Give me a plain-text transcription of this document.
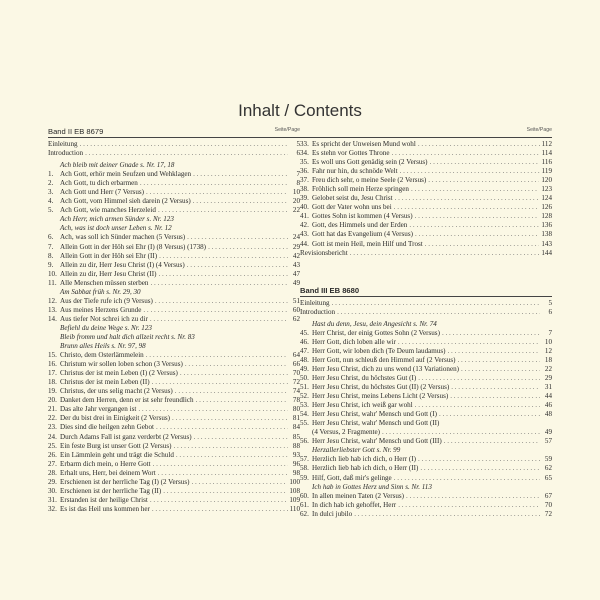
Inhalt / Contents
Band II EB 8679	Seite/Page
Einleitung . . .	5
Introduction . . .	6
Ach bleib mit deiner Gnade s. Nr. 17, 18
1. Ach Gott, erhör mein Seufzen und Wehklagen . . .	7
2. Ach Gott, tu dich erbarmen . . .	8
3. Ach Gott und Herr (7 Versus) . . .	10
4. Ach Gott, vom Himmel sieh darein (2 Versus) . . .	20
5. Ach Gott, wie manches Herzeleid . . .	22
Ach Herr, mich armen Sünder s. Nr. 123
Ach, was ist doch unser Leben s. Nr. 12
6. Ach, was soll ich Sünder machen (5 Versus) . . .	24
7. Allein Gott in der Höh sei Ehr (I) (8 Versus) (1738) . . .	29
8. Allein Gott in der Höh sei Ehr (II) . . .	42
9. Allein zu dir, Herr Jesu Christ (I) (4 Versus) . . .	43
10. Allein zu dir, Herr Jesu Christ (II) . . .	47
11. Alle Menschen müssen sterben . . .	49
Am Sabbat früh s. Nr. 29, 30
12. Aus der Tiefe rufe ich (9 Versus) . . .	51
13. Aus meines Herzens Grunde . . .	60
14. Aus tiefer Not schrei ich zu dir . . .	62
Befiehl du deine Wege s. Nr. 123
Bleib fromm und halt dich allzeit recht s. Nr. 83
Brunn alles Heils s. Nr. 97, 98
15. Christo, dem Osterlämmelein . . .	64
16. Christum wir sollen loben schon (3 Versus) . . .	66
17. Christus der ist mein Leben (I) (2 Versus) . . .	70
18. Christus der ist mein Leben (II) . . .	72
19. Christus, der uns selig macht (2 Versus) . . .	74
20. Danket dem Herren, denn er ist sehr freundlich . . .	78
21. Das alte Jahr vergangen ist . . .	80
22. Der du bist drei in Einigkeit (2 Versus) . . .	81
23. Dies sind die heilgen zehn Gebot . . .	84
24. Durch Adams Fall ist ganz verderbt (2 Versus) . . .	85
25. Ein feste Burg ist unser Gott (2 Versus) . . .	88
26. Ein Lämmlein geht und trägt die Schuld . . .	93
27. Erbarm dich mein, o Herre Gott . . .	96
28. Erhalt uns, Herr, bei deinem Wort . . .	98
29. Erschienen ist der herrliche Tag (I) (2 Versus) . . .	100
30. Erschienen ist der herrliche Tag (II) . . .	108
31. Erstanden ist der heilige Christ . . .	109
32. Es ist das Heil uns kommen her . . .	110
Seite/Page
33. Es spricht der Unweisen Mund wohl . . .	112
34. Es stehn vor Gottes Throne . . .	114
35. Es woll uns Gott genädig sein (2 Versus) . . .	116
36. Fahr nur hin, du schnöde Welt . . .	119
37. Freu dich sehr, o meine Seele (2 Versus) . . .	120
38. Fröhlich soll mein Herze springen . . .	123
39. Gelobet seist du, Jesu Christ . . .	124
40. Gott der Vater wohn uns bei . . .	126
41. Gottes Sohn ist kommen (4 Versus) . . .	128
42. Gott, des Himmels und der Erden . . .	136
43. Gott hat das Evangelium (4 Versus) . . .	138
44. Gott ist mein Heil, mein Hilf und Trost . . .	143
Revisionsbericht . . .	144
Band III EB 8680
Einleitung . . .	5
Introduction . . .	6
Hast du denn, Jesu, dein Angesicht s. Nr. 74
45. Herr Christ, der einig Gottes Sohn (2 Versus) . . .	7
46. Herr Gott, dich loben alle wir . . .	10
47. Herr Gott, wir loben dich (Te Deum laudamus) . . .	12
48. Herr Gott, nun schleuß den Himmel auf (2 Versus) . . .	18
49. Herr Jesu Christ, dich zu uns wend (13 Variationen) . . .	22
50. Herr Jesu Christ, du höchstes Gut (I) . . .	29
51. Herr Jesu Christ, du höchstes Gut (II) (2 Versus) . . .	31
52. Herr Jesu Christ, meins Lebens Licht (2 Versus) . . .	44
53. Herr Jesu Christ, ich weiß gar wohl . . .	46
54. Herr Jesu Christ, wahr' Mensch und Gott (I) . . .	48
55. Herr Jesu Christ, wahr' Mensch und Gott (II)
(4 Versus, 2 Fragmente) . . .	49
56. Herr Jesu Christ, wahr' Mensch und Gott (III) . . .	57
Herzallerliebster Gott s. Nr. 99
57. Herzlich lieb hab ich dich, o Herr (I) . . .	59
58. Herzlich lieb hab ich dich, o Herr (II) . . .	62
59. Hilf, Gott, daß mir's gelinge . . .	65
Ich hab in Gottes Herz und Sinn s. Nr. 113
60. In allen meinen Taten (2 Versus) . . .	67
61. In dich hab ich gehoffet, Herr . . .	70
62. In dulci jubilo . . .	72
